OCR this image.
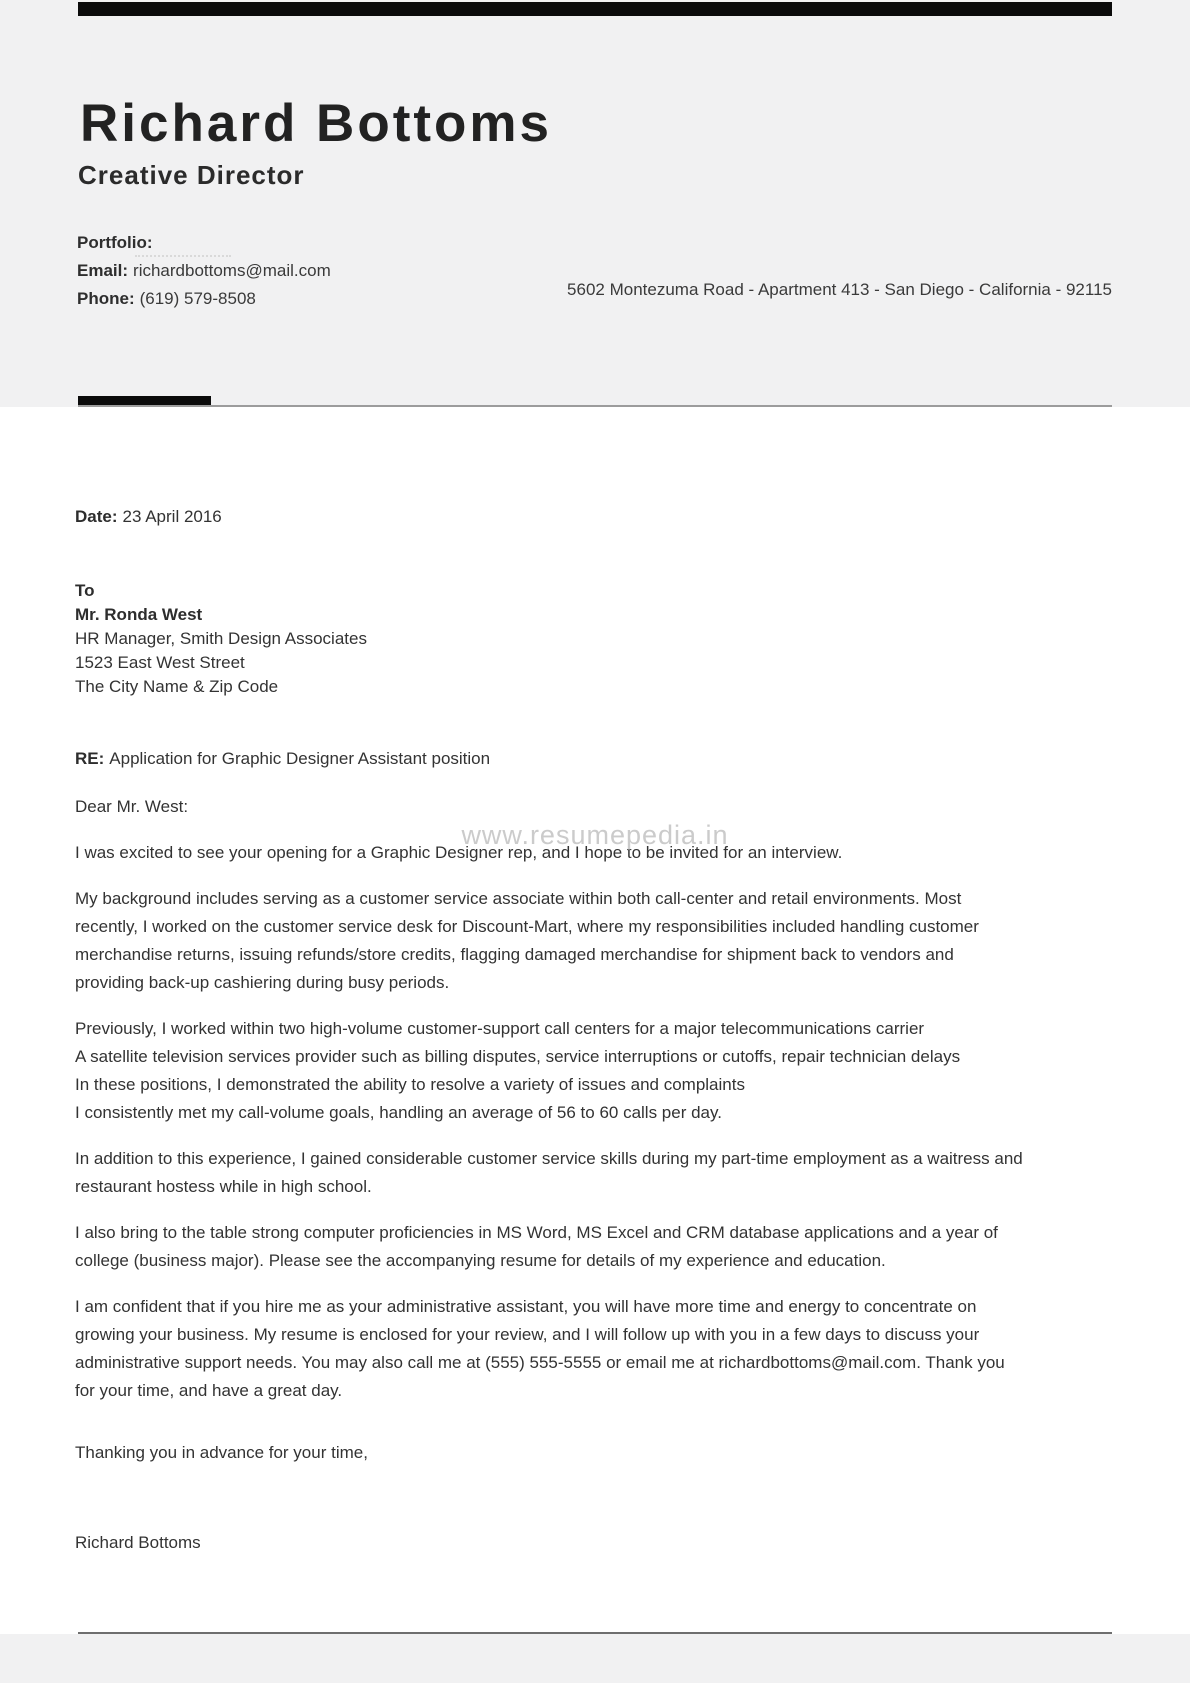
Richard Bottoms
Creative Director
Portfolio:
Email: richardbottoms@mail.com
Phone: (619) 579-8508	5602 Montezuma Road - Apartment 413 - San Diego - California - 92115
Date: 23 April 2016
To
Mr. Ronda West
HR Manager, Smith Design Associates
1523 East West Street
The City Name & Zip Code
RE: Application for Graphic Designer Assistant position
Dear Mr. West:

I was excited to see your opening for a Graphic Designer rep, and I hope to be invited for an interview.

My background includes serving as a customer service associate within both call-center and retail environments. Most recently, I worked on the customer service desk for Discount-Mart, where my responsibilities included handling customer merchandise returns, issuing refunds/store credits, flagging damaged merchandise for shipment back to vendors and providing back-up cashiering during busy periods.

Previously, I worked within two high-volume customer-support call centers for a major telecommunications carrier
A satellite television services provider such as billing disputes, service interruptions or cutoffs, repair technician delays
In these positions, I demonstrated the ability to resolve a variety of issues and complaints
I consistently met my call-volume goals, handling an average of 56 to 60 calls per day.

In addition to this experience, I gained considerable customer service skills during my part-time employment as a waitress and restaurant hostess while in high school.

I also bring to the table strong computer proficiencies in MS Word, MS Excel and CRM database applications and a year of college (business major). Please see the accompanying resume for details of my experience and education.

I am confident that if you hire me as your administrative assistant, you will have more time and energy to concentrate on growing your business. My resume is enclosed for your review, and I will follow up with you in a few days to discuss your administrative support needs. You may also call me at (555) 555-5555 or email me at richardbottoms@mail.com. Thank you for your time, and have a great day.

Thanking you in advance for your time,
Richard Bottoms
www.resumepedia.in
